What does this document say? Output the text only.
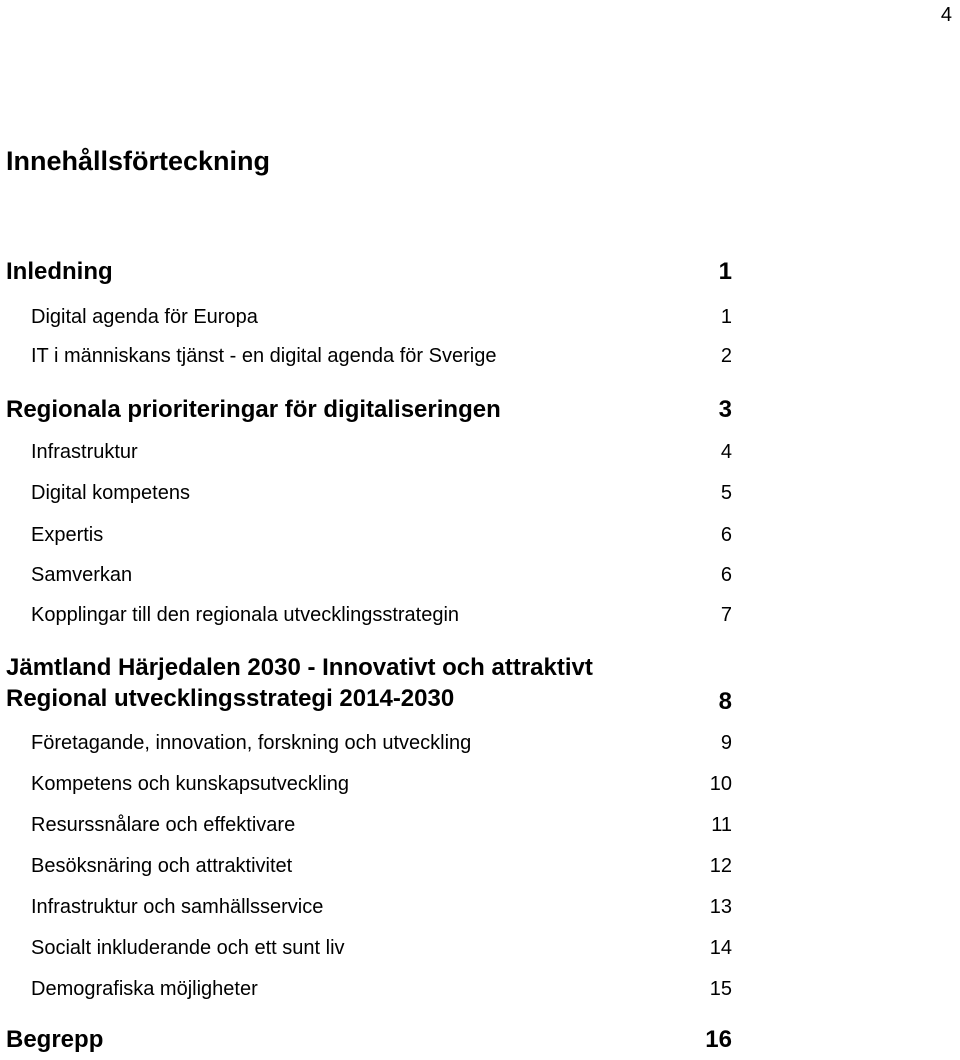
4
Innehållsförteckning
Inledning	1
Digital agenda för Europa	1
IT i människans tjänst - en digital agenda för Sverige	2
Regionala prioriteringar för digitaliseringen	3
Infrastruktur	4
Digital kompetens	5
Expertis	6
Samverkan	6
Kopplingar till den regionala utvecklingsstrategin	7
Jämtland Härjedalen 2030 - Innovativt och attraktivt
Regional utvecklingsstrategi 2014-2030	8
Företagande, innovation, forskning och utveckling	9
Kompetens och kunskapsutveckling	10
Resurssnålare och effektivare	11
Besöksnäring och attraktivitet	12
Infrastruktur och samhällsservice	13
Socialt inkluderande och ett sunt liv	14
Demografiska möjligheter	15
Begrepp	16
